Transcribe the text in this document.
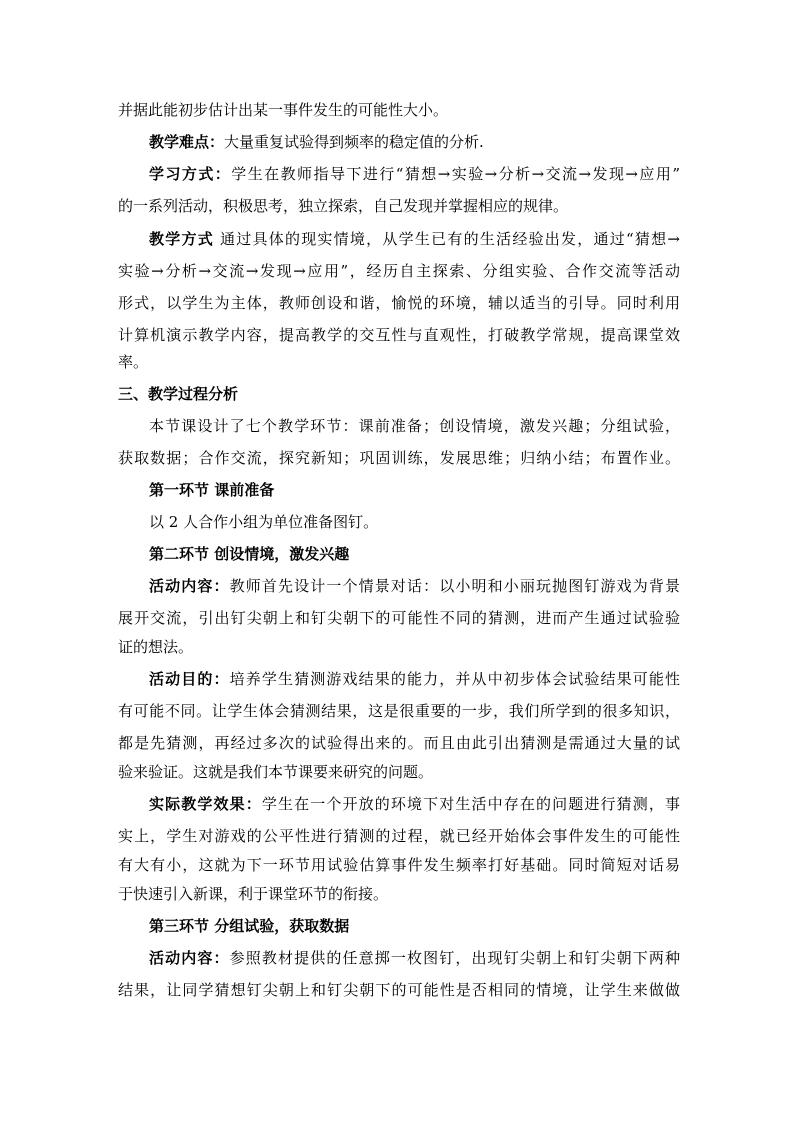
并据此能初步估计出某一事件发生的可能性大小。
教学难点：大量重复试验得到频率的稳定值的分析.
学习方式：学生在教师指导下进行“猜想→实验→分析→交流→发现→应用”
的一系列活动，积极思考，独立探索，自己发现并掌握相应的规律。
教学方式 通过具体的现实情境，从学生已有的生活经验出发，通过“猜想→
实验→分析→交流→发现→应用”，经历自主探索、分组实验、合作交流等活动
形式，以学生为主体，教师创设和谐，愉悦的环境，辅以适当的引导。同时利用
计算机演示教学内容，提高教学的交互性与直观性，打破教学常规，提高课堂效
率。
三、教学过程分析
本节课设计了七个教学环节：课前准备；创设情境，激发兴趣；分组试验，
获取数据；合作交流，探究新知；巩固训练，发展思维；归纳小结；布置作业。
第一环节 课前准备
以 2 人合作小组为单位准备图钉。
第二环节 创设情境，激发兴趣
活动内容：教师首先设计一个情景对话：以小明和小丽玩抛图钉游戏为背景
展开交流，引出钉尖朝上和钉尖朝下的可能性不同的猜测，进而产生通过试验验
证的想法。
活动目的：培养学生猜测游戏结果的能力，并从中初步体会试验结果可能性
有可能不同。让学生体会猜测结果，这是很重要的一步，我们所学到的很多知识，
都是先猜测，再经过多次的试验得出来的。而且由此引出猜测是需通过大量的试
验来验证。这就是我们本节课要来研究的问题。
实际教学效果：学生在一个开放的环境下对生活中存在的问题进行猜测，事
实上，学生对游戏的公平性进行猜测的过程，就已经开始体会事件发生的可能性
有大有小，这就为下一环节用试验估算事件发生频率打好基础。同时简短对话易
于快速引入新课，利于课堂环节的衔接。
第三环节 分组试验，获取数据
活动内容：参照教材提供的任意掷一枚图钉，出现钉尖朝上和钉尖朝下两种
结果，让同学猜想钉尖朝上和钉尖朝下的可能性是否相同的情境，让学生来做做
